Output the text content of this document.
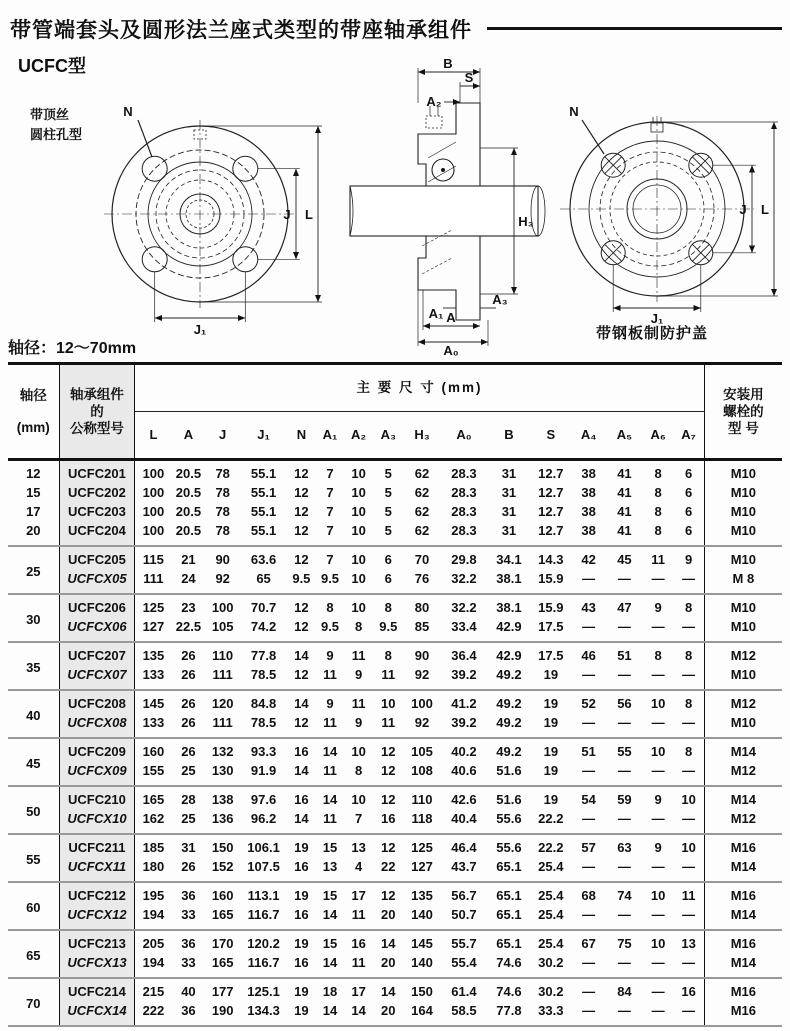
带管端套头及圆形法兰座式类型的带座轴承组件
UCFC型
带顶丝
圆柱孔型
N
J L
J₁
B
S
A₂
H₃
A₁
A₃
A
A₀
N
J L
J₁
带钢板制防护盖
轴径：12～70mm
轴径
(mm)

轴承组件
的
公称型号
	主 要 尺 寸 (mm)	安装用
螺栓的
型 号

		L	A	J	J₁	N	A₁	A₂	A₃	H₃	A₀	B	S	A₄	A₅	A₆	A₇	
12	UCFC201	100	20.5	78	55.1	12	7	10	5	62	28.3	31	12.7	38	41	8	6	M10
15	UCFC202	100	20.5	78	55.1	12	7	10	5	62	28.3	31	12.7	38	41	8	6	M10
17	UCFC203	100	20.5	78	55.1	12	7	10	5	62	28.3	31	12.7	38	41	8	6	M10
20	UCFC204	100	20.5	78	55.1	12	7	10	5	62	28.3	31	12.7	38	41	8	6	M10
25	UCFC205	115	21	90	63.6	12	7	10	6	70	29.8	34.1	14.3	42	45	11	9	M10
	UCFCX05	111	24	92	65	9.5	9.5	10	6	76	32.2	38.1	15.9	—	—	—	—	M 8
30	UCFC206	125	23	100	70.7	12	8	10	8	80	32.2	38.1	15.9	43	47	9	8	M10
	UCFCX06	127	22.5	105	74.2	12	9.5	8	9.5	85	33.4	42.9	17.5	—	—	—	—	M10
35	UCFC207	135	26	110	77.8	14	9	11	8	90	36.4	42.9	17.5	46	51	8	8	M12
	UCFCX07	133	26	111	78.5	12	11	9	11	92	39.2	49.2	19	—	—	—	—	M10
40	UCFC208	145	26	120	84.8	14	9	11	10	100	41.2	49.2	19	52	56	10	8	M12
	UCFCX08	133	26	111	78.5	12	11	9	11	92	39.2	49.2	19	—	—	—	—	M10
45	UCFC209	160	26	132	93.3	16	14	10	12	105	40.2	49.2	19	51	55	10	8	M14
	UCFCX09	155	25	130	91.9	14	11	8	12	108	40.6	51.6	19	—	—	—	—	M12
50	UCFC210	165	28	138	97.6	16	14	10	12	110	42.6	51.6	19	54	59	9	10	M14
	UCFCX10	162	25	136	96.2	14	11	7	16	118	40.4	55.6	22.2	—	—	—	—	M12
55	UCFC211	185	31	150	106.1	19	15	13	12	125	46.4	55.6	22.2	57	63	9	10	M16
	UCFCX11	180	26	152	107.5	16	13	4	22	127	43.7	65.1	25.4	—	—	—	—	M14
60	UCFC212	195	36	160	113.1	19	15	17	12	135	56.7	65.1	25.4	68	74	10	11	M16
	UCFCX12	194	33	165	116.7	16	14	11	20	140	50.7	65.1	25.4	—	—	—	—	M14
65	UCFC213	205	36	170	120.2	19	15	16	14	145	55.7	65.1	25.4	67	75	10	13	M16
	UCFCX13	194	33	165	116.7	16	14	11	20	140	55.4	74.6	30.2	—	—	—	—	M14
70	UCFC214	215	40	177	125.1	19	18	17	14	150	61.4	74.6	30.2	—	84	—	16	M16
	UCFCX14	222	36	190	134.3	19	14	14	20	164	58.5	77.8	33.3	—	—	—	—	M16
